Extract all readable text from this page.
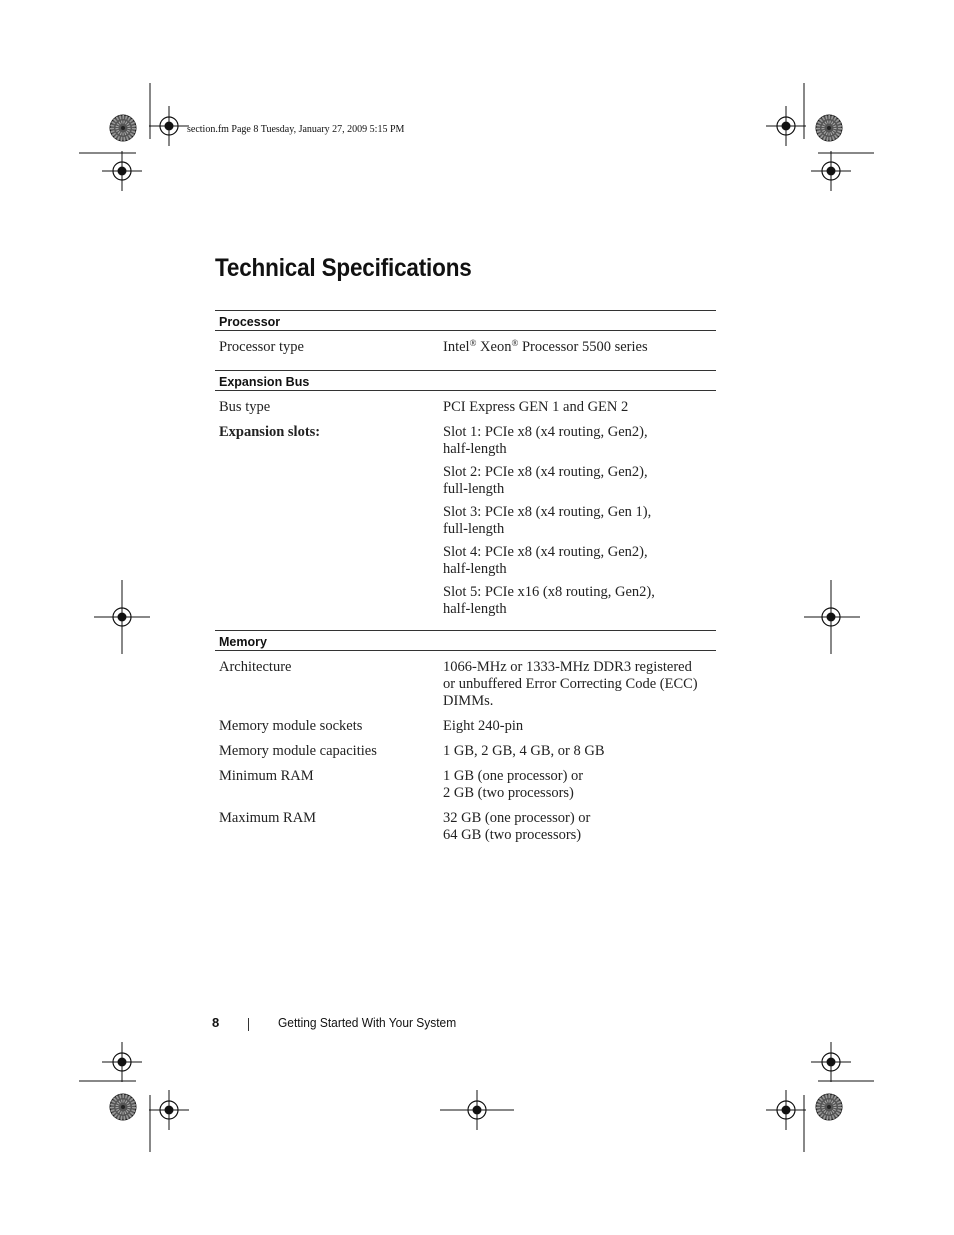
section.fm Page 8 Tuesday, January 27, 2009 5:15 PM
Technical Specifications
Processor
Processor type	Intel® Xeon® Processor 5500 series
Expansion Bus
Bus type	PCI Express GEN 1 and GEN 2
Expansion slots:	Slot 1: PCIe x8 (x4 routing, Gen2),
half-length
Slot 2: PCIe x8 (x4 routing, Gen2),
full-length
Slot 3: PCIe x8 (x4 routing, Gen 1),
full-length
Slot 4: PCIe x8 (x4 routing, Gen2),
half-length
Slot 5: PCIe x16 (x8 routing, Gen2),
half-length
Memory
Architecture	1066-MHz or 1333-MHz DDR3 registered
or unbuffered Error Correcting Code (ECC)
DIMMs.
Memory module sockets	Eight 240-pin
Memory module capacities	1 GB, 2 GB, 4 GB, or 8 GB
Minimum RAM	1 GB (one processor) or
2 GB (two processors)
Maximum RAM	32 GB (one processor) or
64 GB (two processors)
8	Getting Started With Your System
